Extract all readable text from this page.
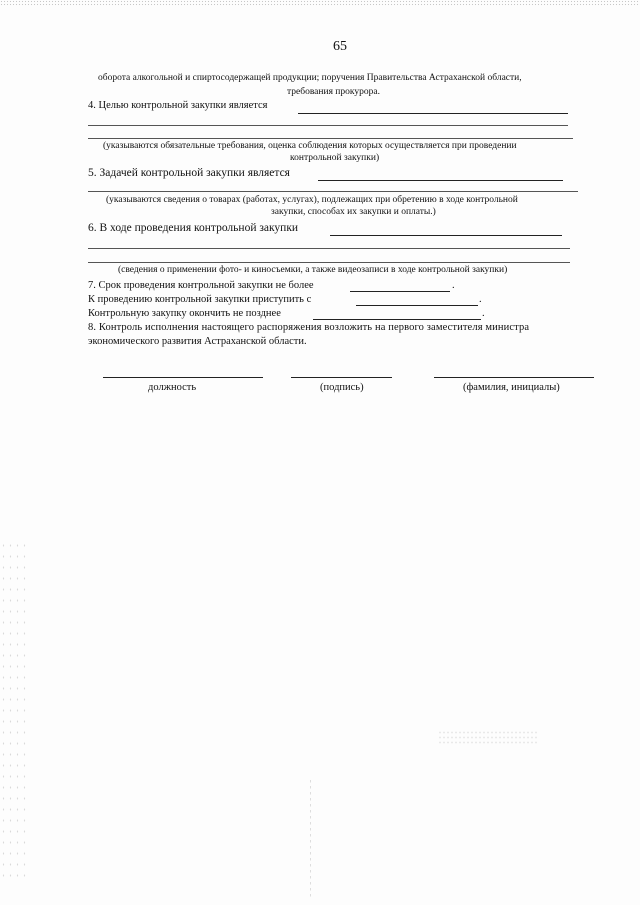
65
оборота алкогольной и спиртосодержащей продукции; поручения Правительства Астраханской области,
требования прокурора.
4. Целью контрольной закупки является
(указываются обязательные требования, оценка соблюдения которых осуществляется при проведении
контрольной закупки)
5. Задачей контрольной закупки является
(указываются сведения о товарах (работах, услугах), подлежащих при обретению в ходе контрольной
закупки, способах их закупки и оплаты.)
6. В ходе проведения контрольной закупки
(сведения о применении фото- и киносъемки, а также видеозаписи в ходе контрольной закупки)
7. Срок проведения контрольной закупки не более	.
К проведению контрольной закупки приступить с	.
Контрольную закупку окончить не позднее	.
8. Контроль исполнения настоящего распоряжения возложить на первого заместителя министра
экономического развития Астраханской области.
должность	(подпись)	(фамилия, инициалы)
